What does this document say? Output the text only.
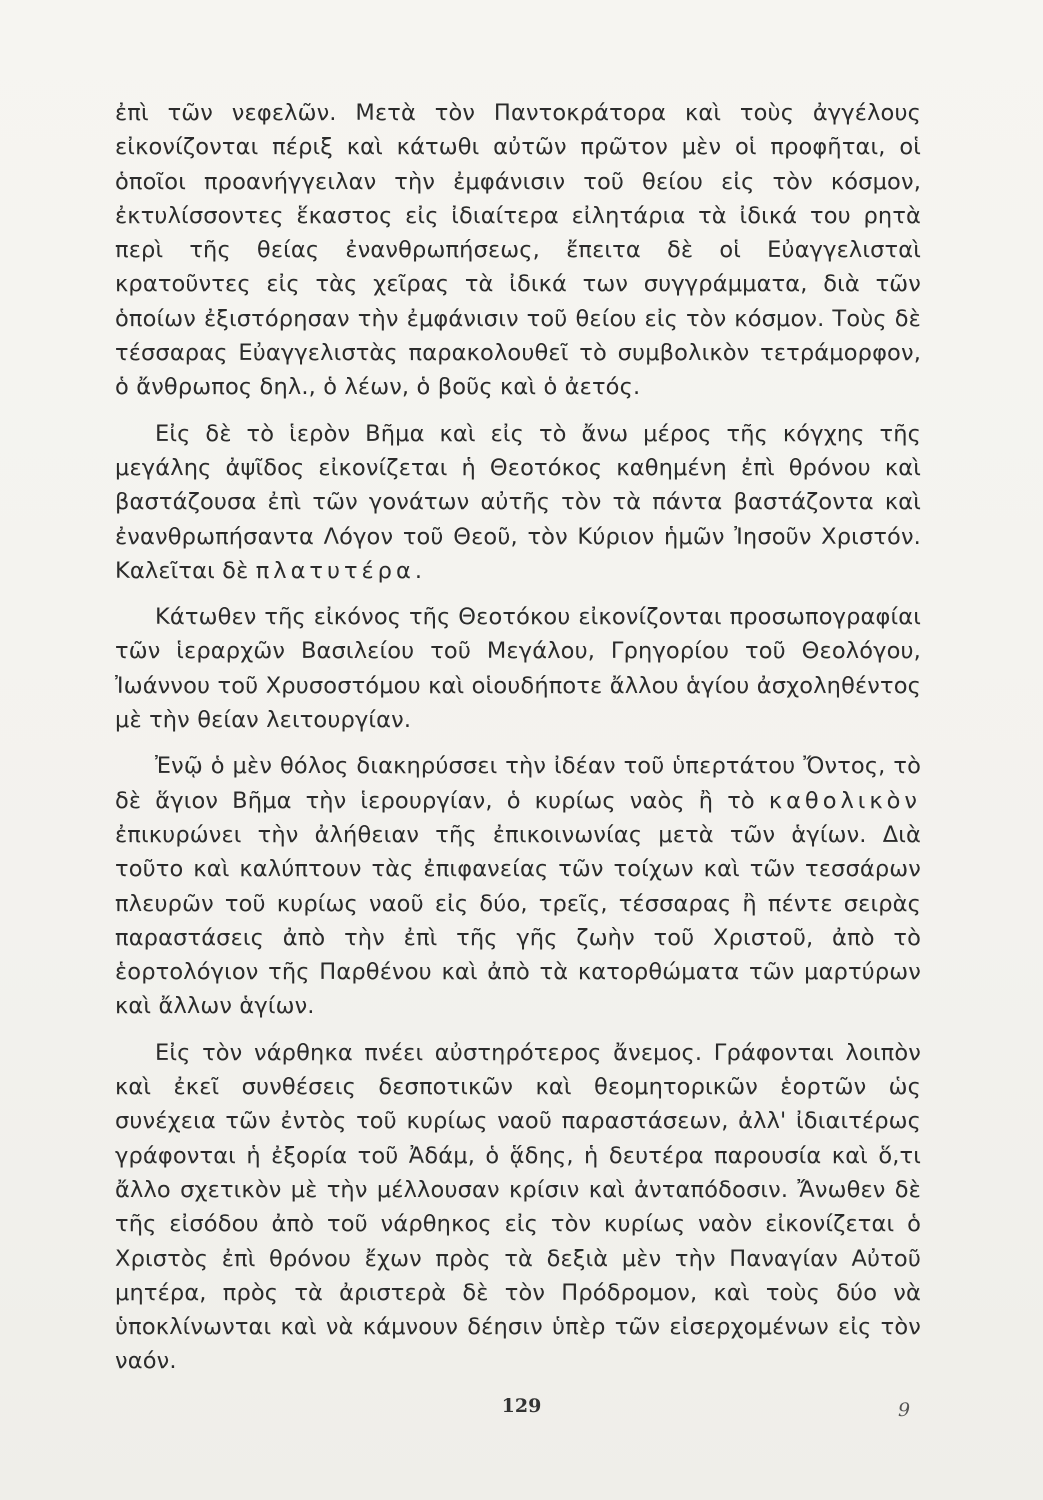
ἐπὶ τῶν νεφελῶν. Μετὰ τὸν Παντοκράτορα καὶ τοὺς ἀγγέλους εἰκονίζονται πέριξ καὶ κάτωθι αὐτῶν πρῶτον μὲν οἱ προφῆται, οἱ ὁποῖοι προανήγγειλαν τὴν ἐμφάνισιν τοῦ θείου εἰς τὸν κόσμον, ἐκτυλίσσοντες ἕκαστος εἰς ἰδιαίτερα εἰλητάρια τὰ ἰδικά του ρητὰ περὶ τῆς θείας ἐνανθρωπήσεως, ἔπειτα δὲ οἱ Εὐαγγελισταὶ κρατοῦντες εἰς τὰς χεῖρας τὰ ἰδικά των συγγράμματα, διὰ τῶν ὁποίων ἐξιστόρησαν τὴν ἐμφάνισιν τοῦ θείου εἰς τὸν κόσμον. Τοὺς δὲ τέσσαρας Εὐαγγελιστὰς παρακολουθεῖ τὸ συμβολικὸν τετράμορφον, ὁ ἄνθρωπος δηλ., ὁ λέων, ὁ βοῦς καὶ ὁ ἀετός.

Εἰς δὲ τὸ ἱερὸν Βῆμα καὶ εἰς τὸ ἄνω μέρος τῆς κόγχης τῆς μεγάλης ἀψῖδος εἰκονίζεται ἡ Θεοτόκος καθημένη ἐπὶ θρόνου καὶ βαστάζουσα ἐπὶ τῶν γονάτων αὐτῆς τὸν τὰ πάντα βαστάζοντα καὶ ἐνανθρωπήσαντα Λόγον τοῦ Θεοῦ, τὸν Κύριον ἡμῶν Ἰησοῦν Χριστόν. Καλεῖται δὲ πλατυτέρα.

Κάτωθεν τῆς εἰκόνος τῆς Θεοτόκου εἰκονίζονται προσωπογραφίαι τῶν ἱεραρχῶν Βασιλείου τοῦ Μεγάλου, Γρηγορίου τοῦ Θεολόγου, Ἰωάννου τοῦ Χρυσοστόμου καὶ οἱουδήποτε ἄλλου ἁγίου ἀσχοληθέντος μὲ τὴν θείαν λειτουργίαν.

Ἐνῷ ὁ μὲν θόλος διακηρύσσει τὴν ἰδέαν τοῦ ὑπερτάτου Ὄντος, τὸ δὲ ἅγιον Βῆμα τὴν ἱερουργίαν, ὁ κυρίως ναὸς ἢ τὸ καθολικὸν ἐπικυρώνει τὴν ἀλήθειαν τῆς ἐπικοινωνίας μετὰ τῶν ἁγίων. Διὰ τοῦτο καὶ καλύπτουν τὰς ἐπιφανείας τῶν τοίχων καὶ τῶν τεσσάρων πλευρῶν τοῦ κυρίως ναοῦ εἰς δύο, τρεῖς, τέσσαρας ἢ πέντε σειρὰς παραστάσεις ἀπὸ τὴν ἐπὶ τῆς γῆς ζωὴν τοῦ Χριστοῦ, ἀπὸ τὸ ἑορτολόγιον τῆς Παρθένου καὶ ἀπὸ τὰ κατορθώματα τῶν μαρτύρων καὶ ἄλλων ἁγίων.

Εἰς τὸν νάρθηκα πνέει αὐστηρότερος ἄνεμος. Γράφονται λοιπὸν καὶ ἐκεῖ συνθέσεις δεσποτικῶν καὶ θεομητορικῶν ἑορτῶν ὡς συνέχεια τῶν ἐντὸς τοῦ κυρίως ναοῦ παραστάσεων, ἀλλ' ἰδιαιτέρως γράφονται ἡ ἐξορία τοῦ Ἀδάμ, ὁ ᾅδης, ἡ δευτέρα παρουσία καὶ ὅ,τι ἄλλο σχετικὸν μὲ τὴν μέλλουσαν κρίσιν καὶ ἀνταπόδοσιν. Ἄνωθεν δὲ τῆς εἰσόδου ἀπὸ τοῦ νάρθηκος εἰς τὸν κυρίως ναὸν εἰκονίζεται ὁ Χριστὸς ἐπὶ θρόνου ἔχων πρὸς τὰ δεξιὰ μὲν τὴν Παναγίαν Αὐτοῦ μητέρα, πρὸς τὰ ἀριστερὰ δὲ τὸν Πρόδρομον, καὶ τοὺς δύο νὰ ὑποκλίνωνται καὶ νὰ κάμνουν δέησιν ὑπὲρ τῶν εἰσερχομένων εἰς τὸν ναόν.

129	9
